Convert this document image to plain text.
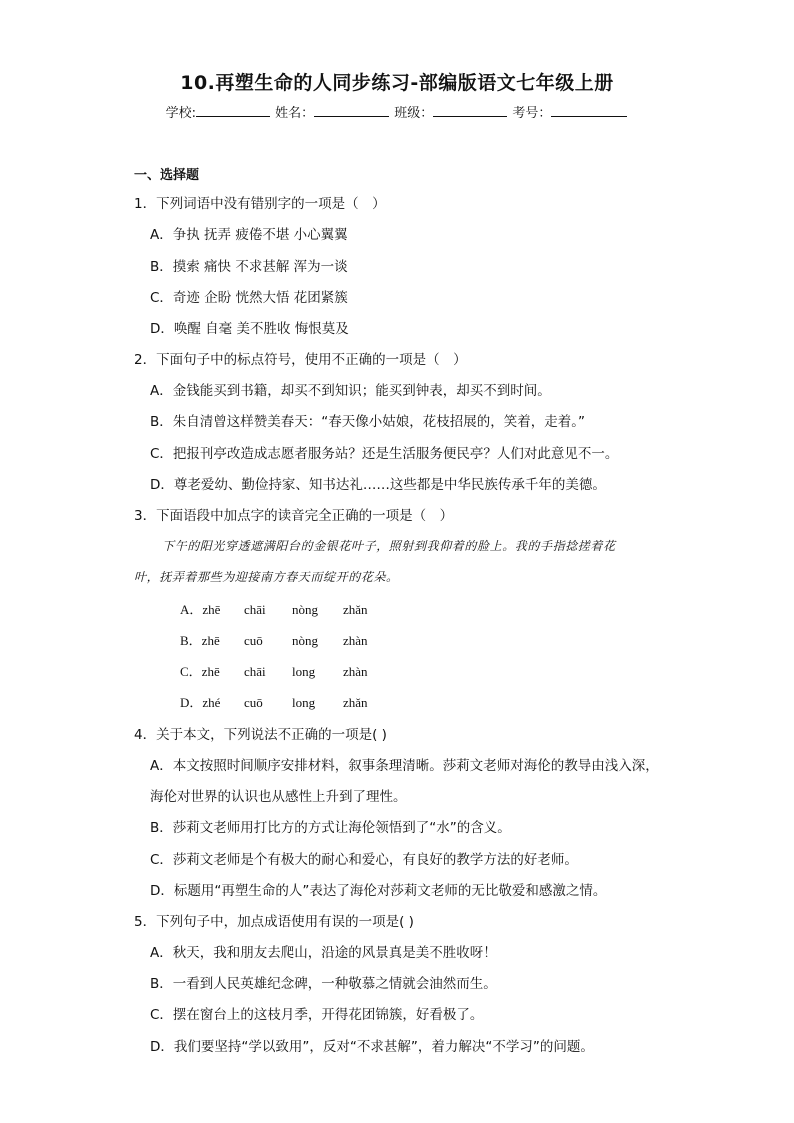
10.再塑生命的人同步练习-部编版语文七年级上册
学校:	姓名：	班级：	考号：
一、选择题
1．下列词语中没有错别字的一项是（　）
A．争执 抚弄 疲倦不堪 小心翼翼
B．摸索 痛快 不求甚解 浑为一谈
C．奇迹 企盼 恍然大悟 花团紧簇
D．唤醒 自毫 美不胜收 悔恨莫及
2．下面句子中的标点符号，使用不正确的一项是（　）
A．金钱能买到书籍，却买不到知识；能买到钟表，却买不到时间。
B．朱自清曾这样赞美春天：“春天像小姑娘，花枝招展的，笑着，走着。”
C．把报刊亭改造成志愿者服务站？还是生活服务便民亭？人们对此意见不一。
D．尊老爱幼、勤俭持家、知书达礼……这些都是中华民族传承千年的美德。
3．下面语段中加点字的读音完全正确的一项是（　）
下午的阳光穿透遮满阳台的金银花叶子，照射到我仰着的脸上。我的手指捻搓着花
叶，抚弄着那些为迎接南方春天而绽开的花朵。
A．zhē chāi nòng zhǎn
B．zhē cuō nòng zhàn
C．zhē chāi long zhàn
D．zhé cuō long zhǎn
4．关于本文，下列说法不正确的一项是( )
A．本文按照时间顺序安排材料，叙事条理清晰。莎莉文老师对海伦的教导由浅入深，
海伦对世界的认识也从感性上升到了理性。
B．莎莉文老师用打比方的方式让海伦领悟到了“水”的含义。
C．莎莉文老师是个有极大的耐心和爱心，有良好的教学方法的好老师。
D．标题用“再塑生命的人”表达了海伦对莎莉文老师的无比敬爱和感激之情。
5．下列句子中，加点成语使用有误的一项是( )
A．秋天，我和朋友去爬山，沿途的风景真是美不胜收呀！
B．一看到人民英雄纪念碑，一种敬慕之情就会油然而生。
C．摆在窗台上的这枝月季，开得花团锦簇，好看极了。
D．我们要坚持“学以致用”，反对“不求甚解”，着力解决“不学习”的问题。
